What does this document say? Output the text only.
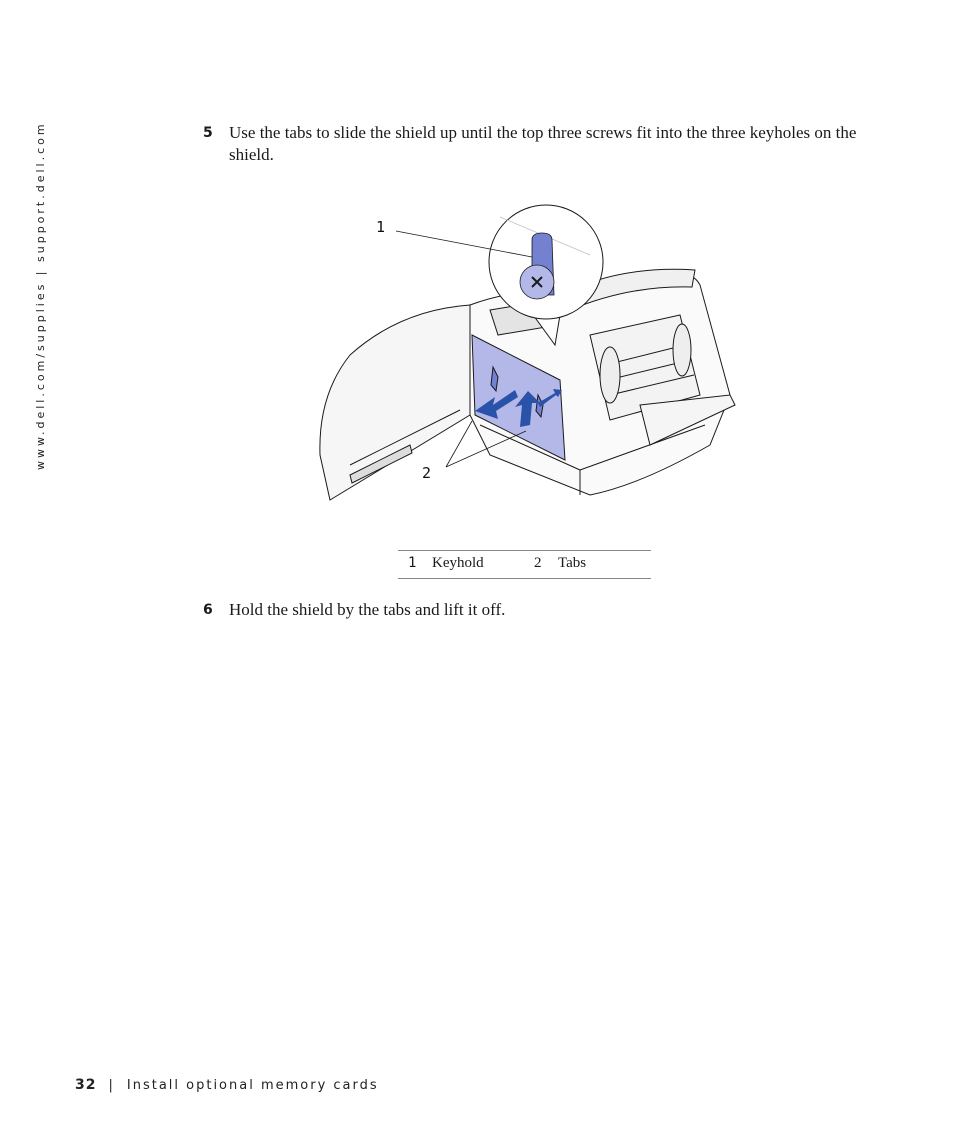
www.dell.com/supplies | support.dell.com	5 Use the tabs to slide the shield up until the top three screws fit into the three keyholes on the shield.
1
2
1 Keyhold	2 Tabs
6 Hold the shield by the tabs and lift it off.
32 | Install optional memory cards
